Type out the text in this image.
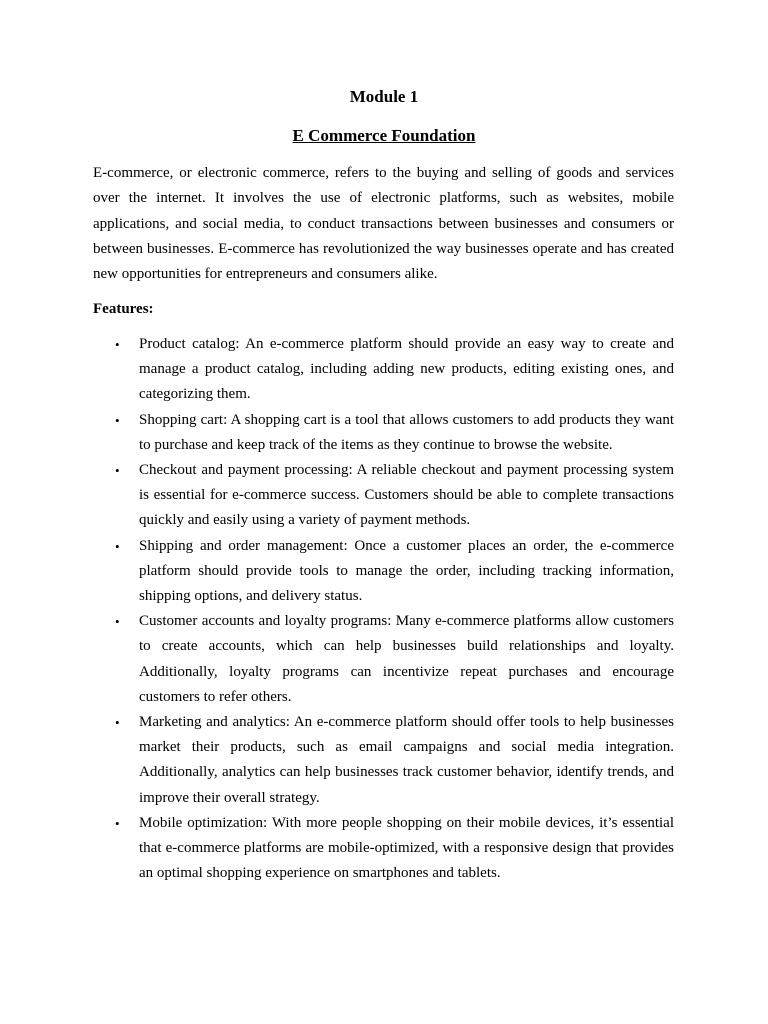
Module 1
E Commerce Foundation

E-commerce, or electronic commerce, refers to the buying and selling of goods and services over the internet. It involves the use of electronic platforms, such as websites, mobile applications, and social media, to conduct transactions between businesses and consumers or between businesses. E-commerce has revolutionized the way businesses operate and has created new opportunities for entrepreneurs and consumers alike.

Features:

• Product catalog: An e-commerce platform should provide an easy way to create and manage a product catalog, including adding new products, editing existing ones, and categorizing them.
• Shopping cart: A shopping cart is a tool that allows customers to add products they want to purchase and keep track of the items as they continue to browse the website.
• Checkout and payment processing: A reliable checkout and payment processing system is essential for e-commerce success. Customers should be able to complete transactions quickly and easily using a variety of payment methods.
• Shipping and order management: Once a customer places an order, the e-commerce platform should provide tools to manage the order, including tracking information, shipping options, and delivery status.
• Customer accounts and loyalty programs: Many e-commerce platforms allow customers to create accounts, which can help businesses build relationships and loyalty. Additionally, loyalty programs can incentivize repeat purchases and encourage customers to refer others.
• Marketing and analytics: An e-commerce platform should offer tools to help businesses market their products, such as email campaigns and social media integration. Additionally, analytics can help businesses track customer behavior, identify trends, and improve their overall strategy.
• Mobile optimization: With more people shopping on their mobile devices, it’s essential that e-commerce platforms are mobile-optimized, with a responsive design that provides an optimal shopping experience on smartphones and tablets.
